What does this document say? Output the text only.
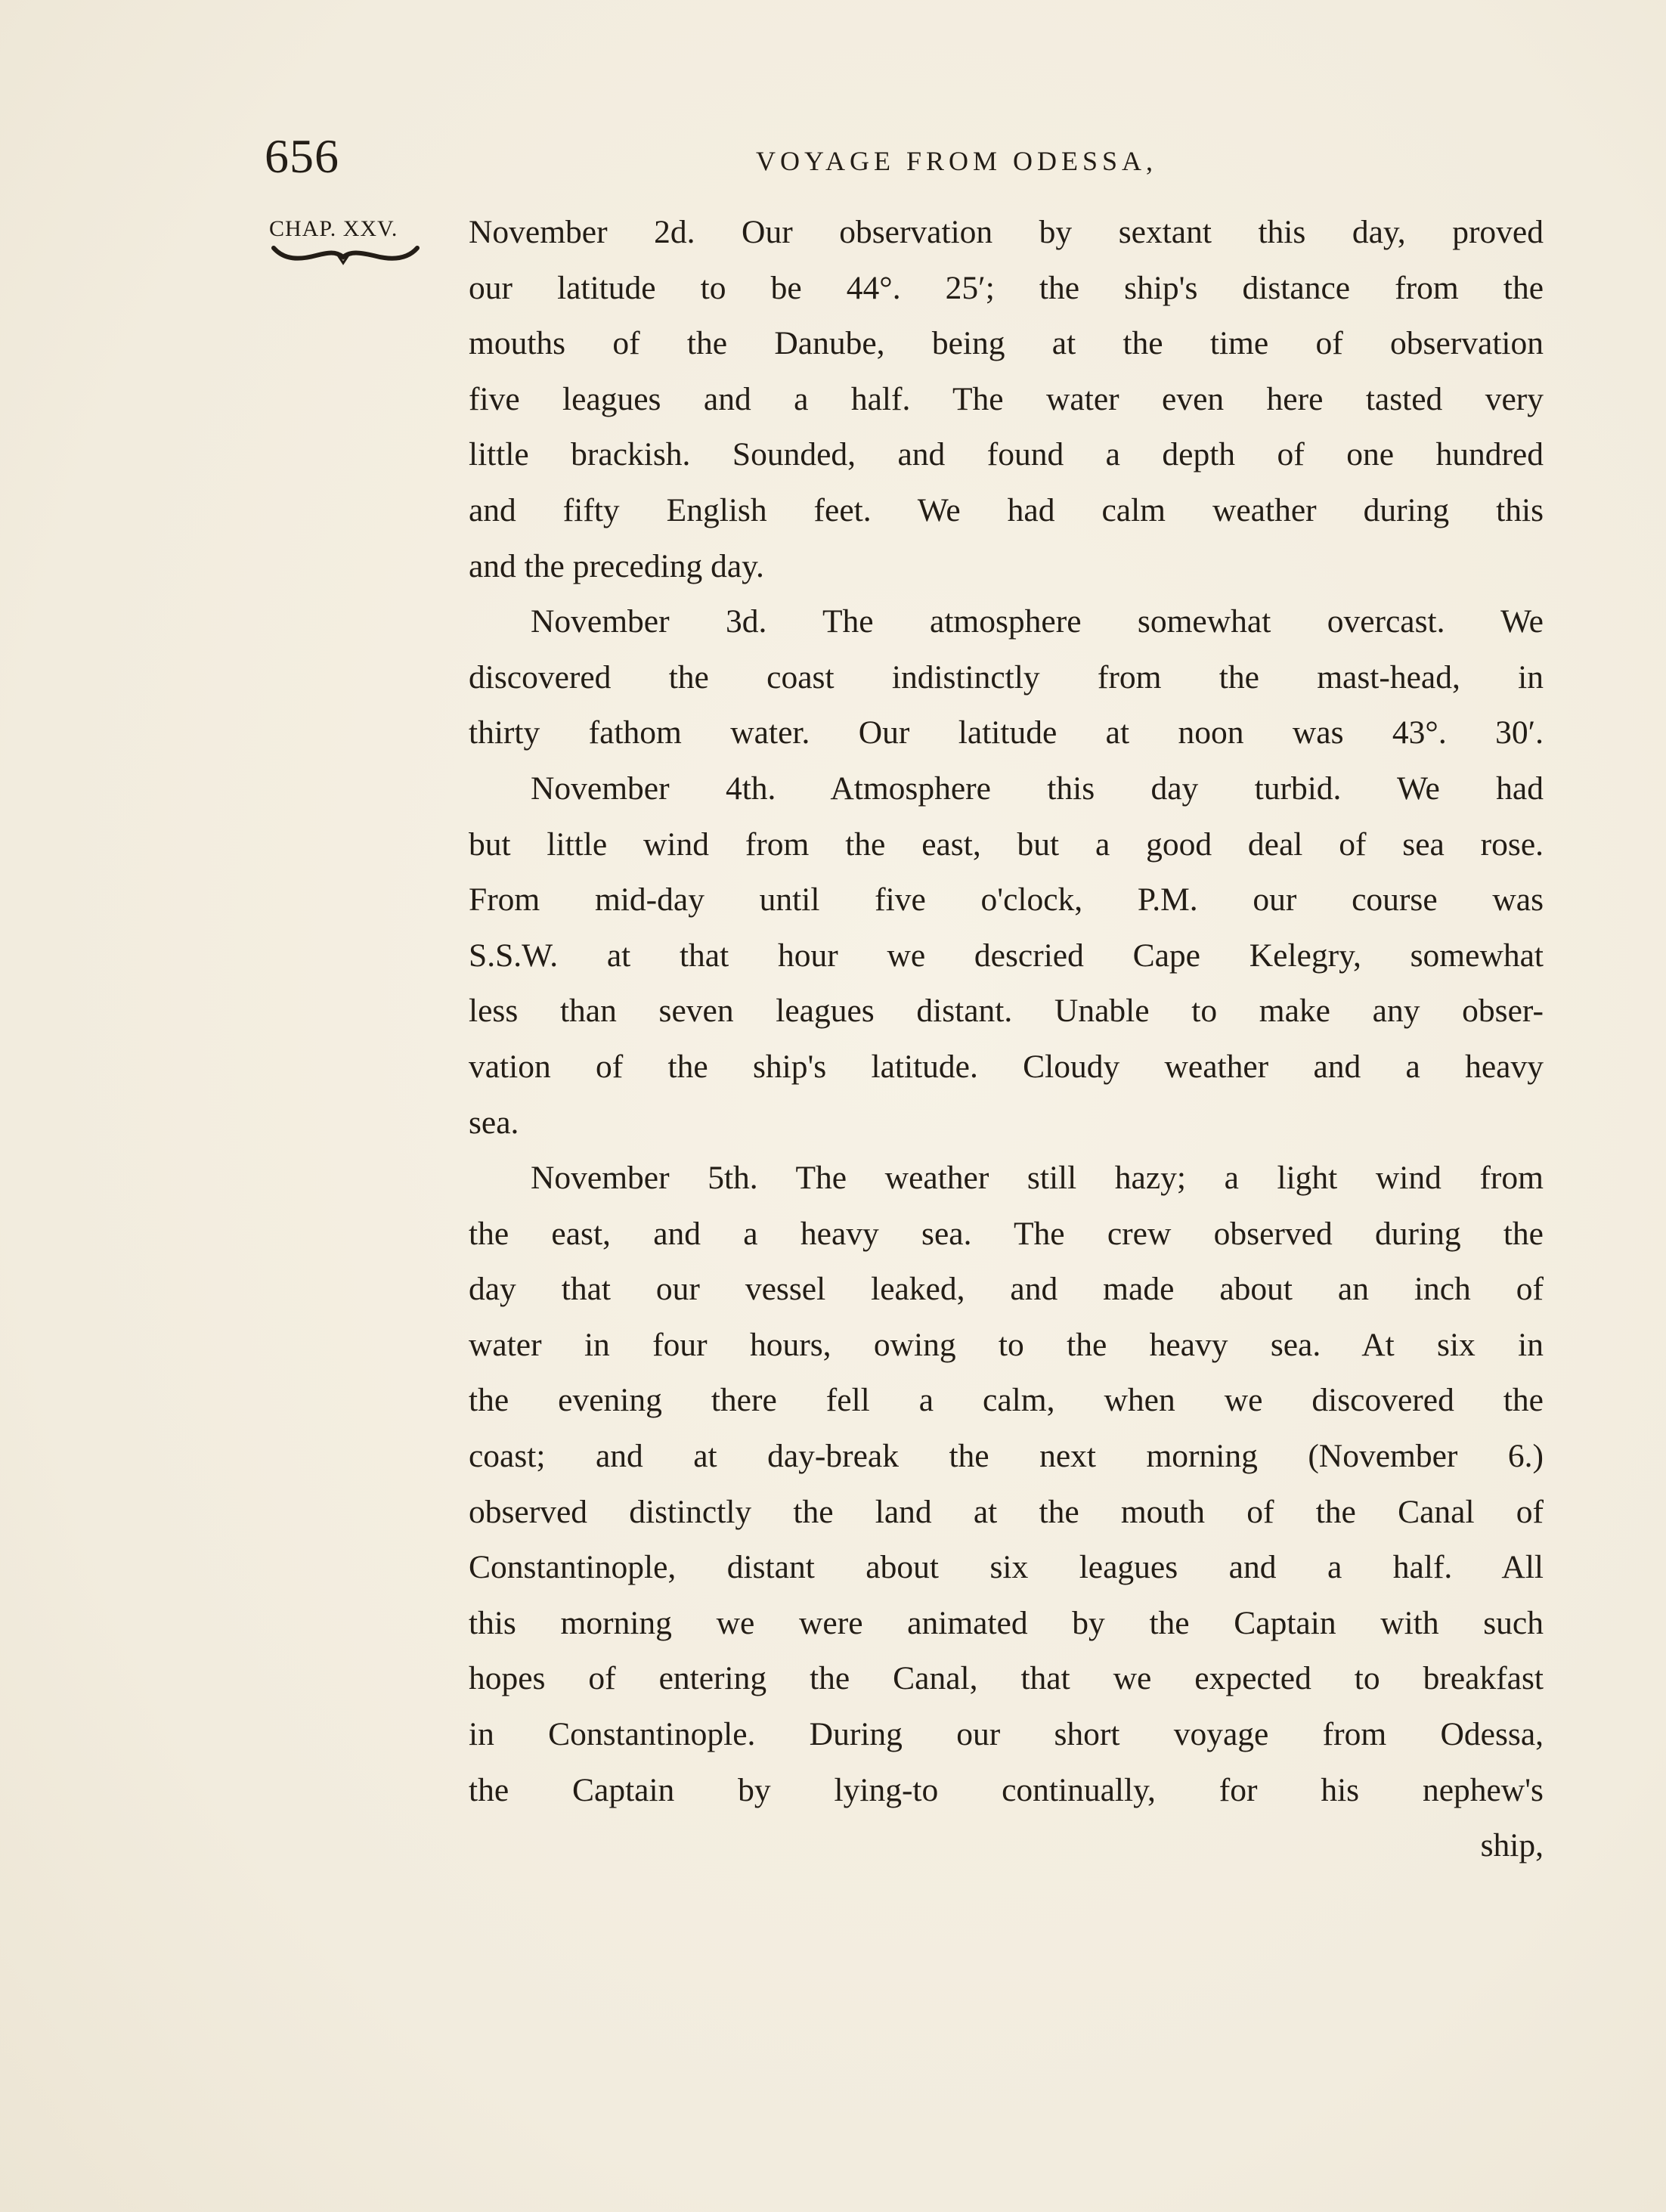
656	VOYAGE FROM ODESSA,
CHAP. XXV.	November 2d. Our observation by sextant this day, proved
our latitude to be 44°. 25′; the ship's distance from the
mouths of the Danube, being at the time of observation
five leagues and a half. The water even here tasted very
little brackish. Sounded, and found a depth of one hundred
and fifty English feet. We had calm weather during this
and the preceding day.
November 3d. The atmosphere somewhat overcast. We
discovered the coast indistinctly from the mast-head, in
thirty fathom water. Our latitude at noon was 43°. 30′.
November 4th. Atmosphere this day turbid. We had
but little wind from the east, but a good deal of sea rose.
From mid-day until five o'clock, P.M. our course was
S.S.W. at that hour we descried Cape Kelegry, somewhat
less than seven leagues distant. Unable to make any obser-
vation of the ship's latitude. Cloudy weather and a heavy
sea.
November 5th. The weather still hazy; a light wind from
the east, and a heavy sea. The crew observed during the
day that our vessel leaked, and made about an inch of
water in four hours, owing to the heavy sea. At six in
the evening there fell a calm, when we discovered the
coast; and at day-break the next morning (November 6.)
observed distinctly the land at the mouth of the Canal of
Constantinople, distant about six leagues and a half. All
this morning we were animated by the Captain with such
hopes of entering the Canal, that we expected to breakfast
in Constantinople. During our short voyage from Odessa,
the Captain by lying-to continually, for his nephew's
ship,
